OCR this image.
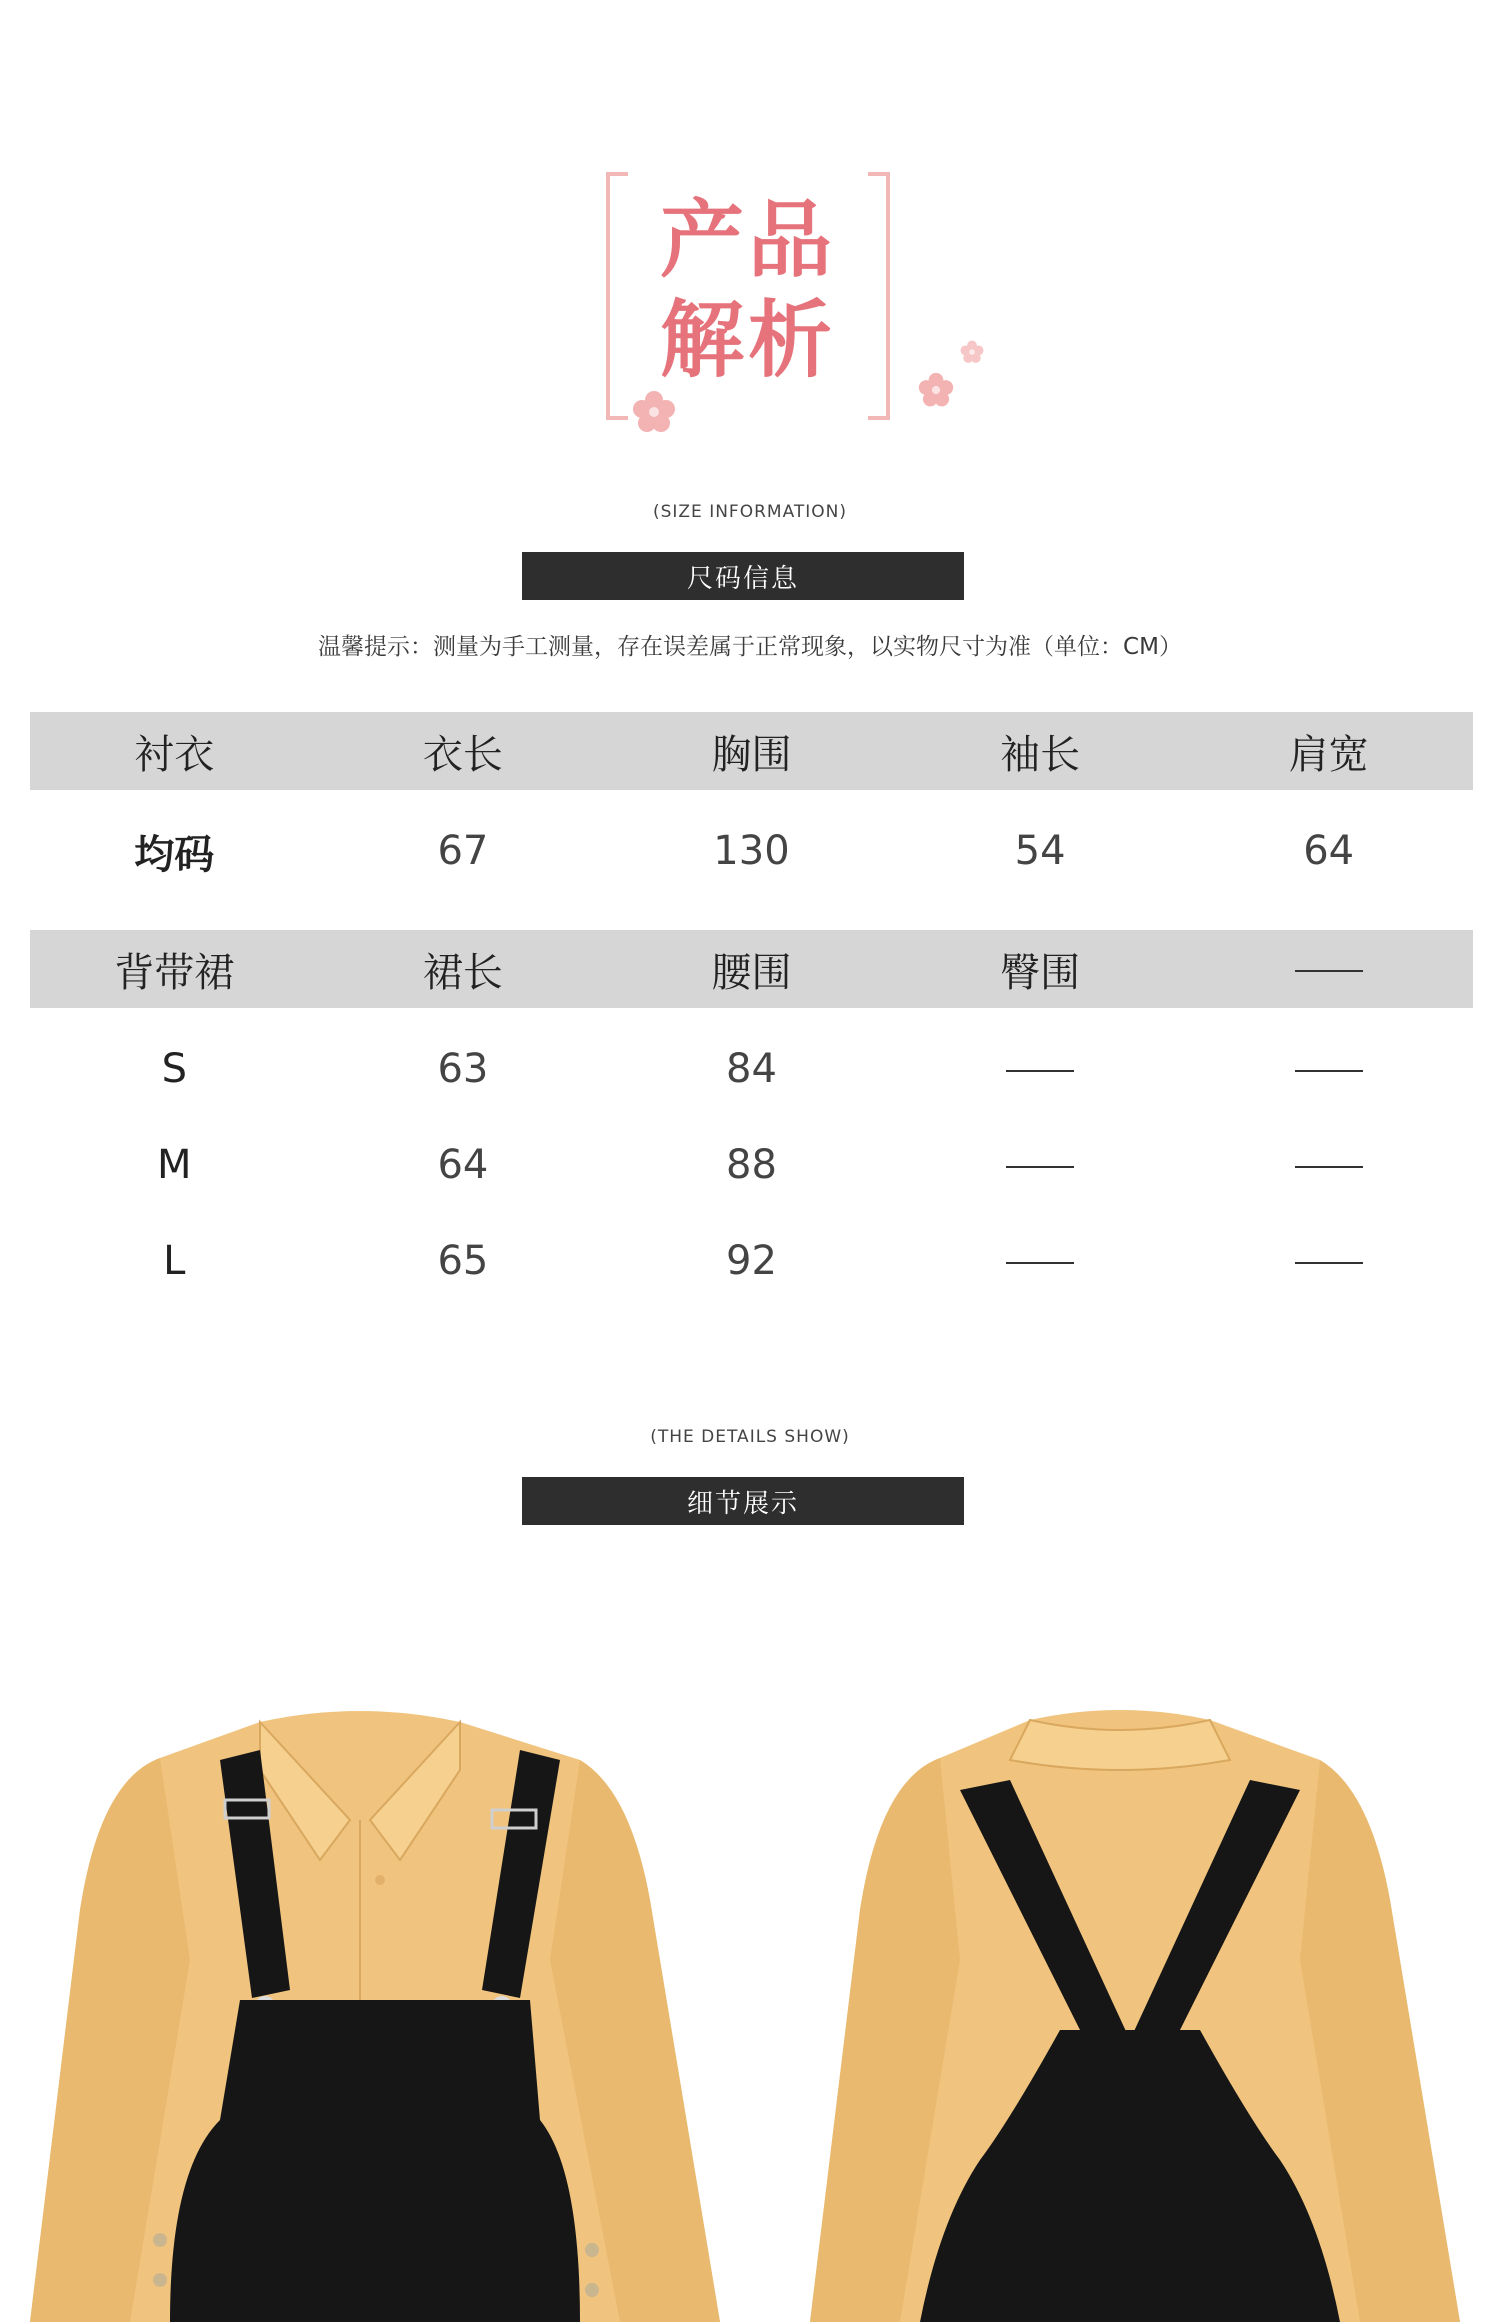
产品
解析
(SIZE INFORMATION)
尺码信息
温馨提示：测量为手工测量，存在误差属于正常现象，以实物尺寸为准（单位：CM）
衬衣	衣长	胸围	袖长	肩宽
均码	67	130	54	64
背带裙	裙长	腰围	臀围
S	63	84
M	64	88
L	65	92
(THE DETAILS SHOW)
细节展示
